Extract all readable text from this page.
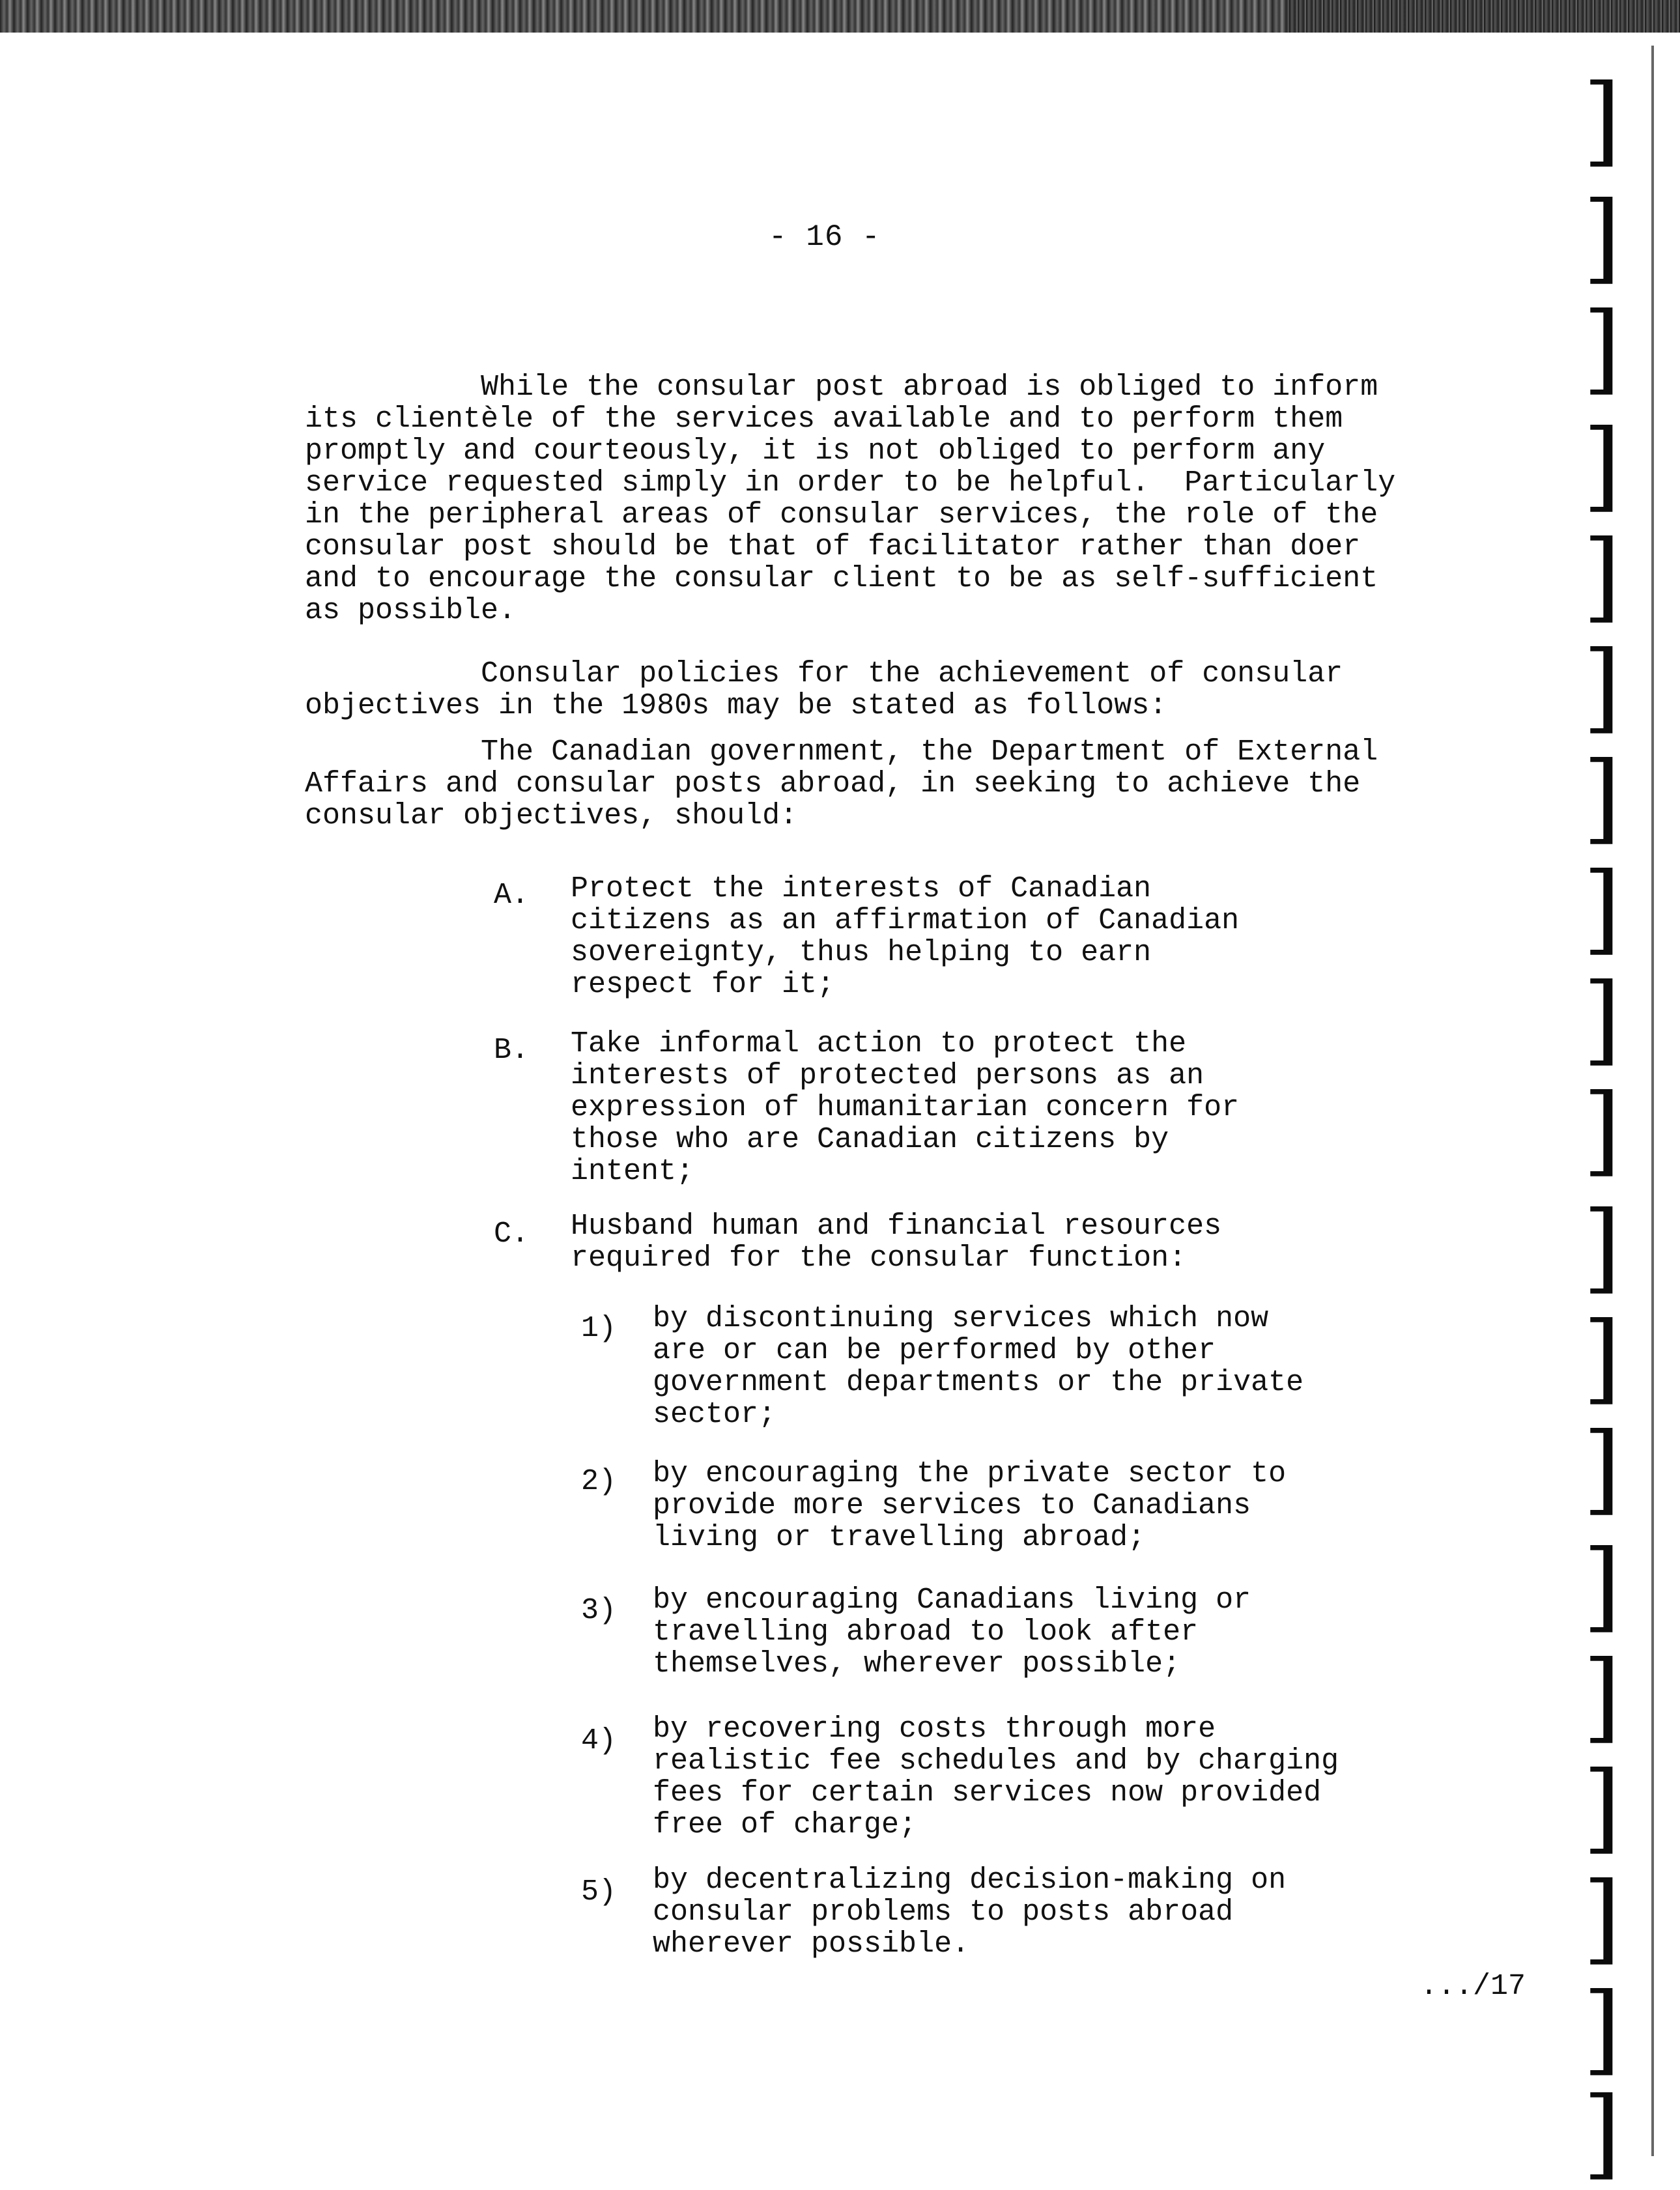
]
]
]
]
]
]
]
]
]
]
]
]
]
]
]
]
]
]
]
- 16 -

While the consular post abroad is obliged to inform
its clientèle of the services available and to perform them
promptly and courteously, it is not obliged to perform any
service requested simply in order to be helpful.  Particularly
in the peripheral areas of consular services, the role of the
consular post should be that of facilitator rather than doer
and to encourage the consular client to be as self-sufficient
as possible.

Consular policies for the achievement of consular
objectives in the 1980s may be stated as follows:

The Canadian government, the Department of External
Affairs and consular posts abroad, in seeking to achieve the
consular objectives, should:

A. Protect the interests of Canadian
citizens as an affirmation of Canadian
sovereignty, thus helping to earn
respect for it;

B. Take informal action to protect the
interests of protected persons as an
expression of humanitarian concern for
those who are Canadian citizens by
intent;

C. Husband human and financial resources
required for the consular function:

1) by discontinuing services which now
are or can be performed by other
government departments or the private
sector;

2) by encouraging the private sector to
provide more services to Canadians
living or travelling abroad;

3) by encouraging Canadians living or
travelling abroad to look after
themselves, wherever possible;

4) by recovering costs through more
realistic fee schedules and by charging
fees for certain services now provided
free of charge;

5) by decentralizing decision-making on
consular problems to posts abroad
wherever possible.

.../17
